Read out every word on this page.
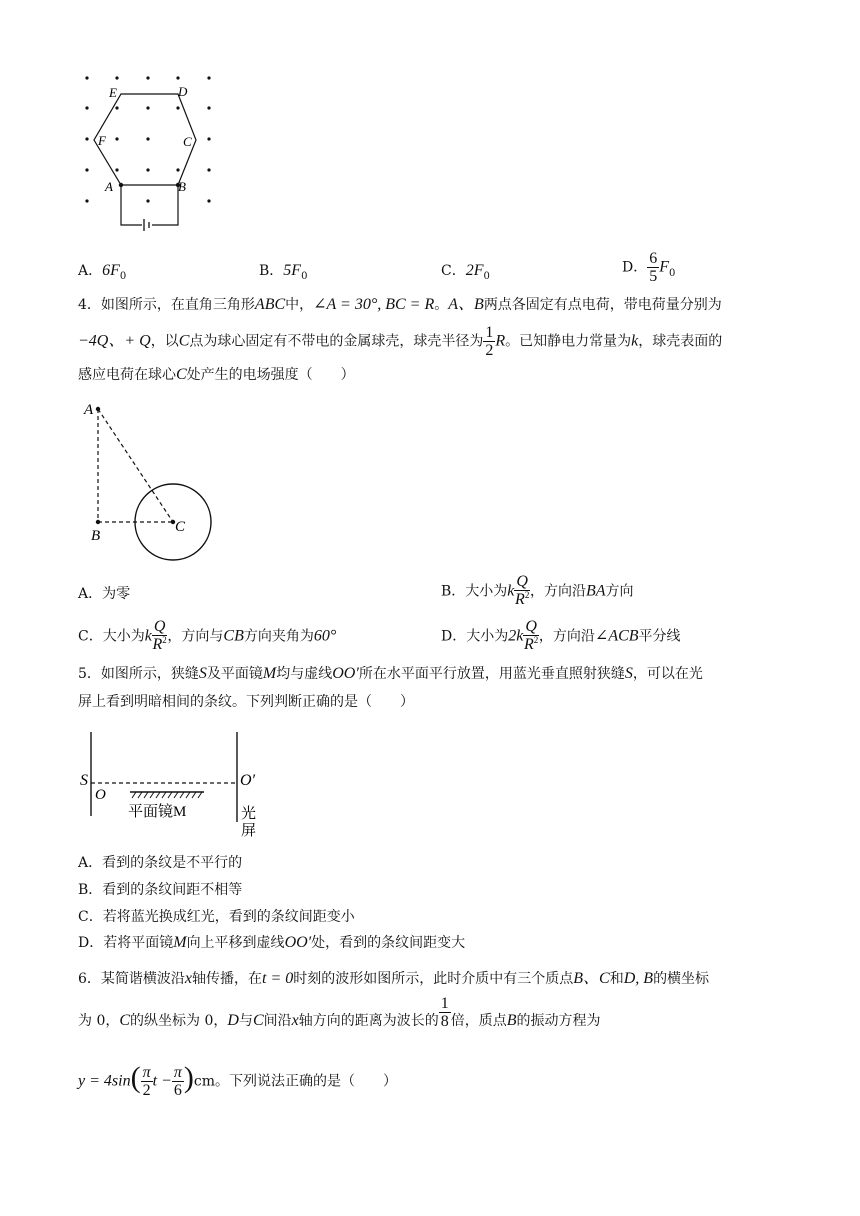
E	D
F	C
A	B
A．$6F_0$	B．$5F_0$	C．$2F_0$
D． $\frac{6}{5} F_0$
4．如图所示，在直角三角形ABC中，∠A = 30°, BC = R。A、B两点各固定有点电荷，带电荷量分别为
−4Q、+ Q，以C点为球心固定有不带电的金属球壳，球壳半径为 $\frac{1}{2}$ R。已知静电力常量为k，球壳表面的
感应电荷在球心C处产生的电场强度（　　）
A
B
C
A．为零	B．大小为k $\frac{Q}{R^2}$ ，方向沿BA方向
C．大小为k $\frac{Q}{R^2}$ ，方向与CB方向夹角为60°	D．大小为$2k \frac{Q}{R^2}$ ，方向沿∠ACB平分线
5．如图所示，狭缝S及平面镜M均与虚线OO′所在水平面平行放置，用蓝光垂直照射狭缝S，可以在光
屏上看到明暗相间的条纹。下列判断正确的是（　　）
S
O
O′
平面镜M	光
屏
A．看到的条纹是不平行的
B．看到的条纹间距不相等
C．若将蓝光换成红光，看到的条纹间距变小
D．若将平面镜M向上平移到虚线OO′处，看到的条纹间距变大
6．某简谐横波沿x轴传播，在t = 0时刻的波形如图所示，此时介质中有三个质点B、C和D, B的横坐标
为 0，C的纵坐标为 0，D与C间沿x轴方向的距离为波长的 $\frac{1}{8}$ 倍，质点B的振动方程为
$y = 4\sin( \frac{\pi}{2}$ $t - \frac{\pi}{6} )cm$。下列说法正确的是（　　）
